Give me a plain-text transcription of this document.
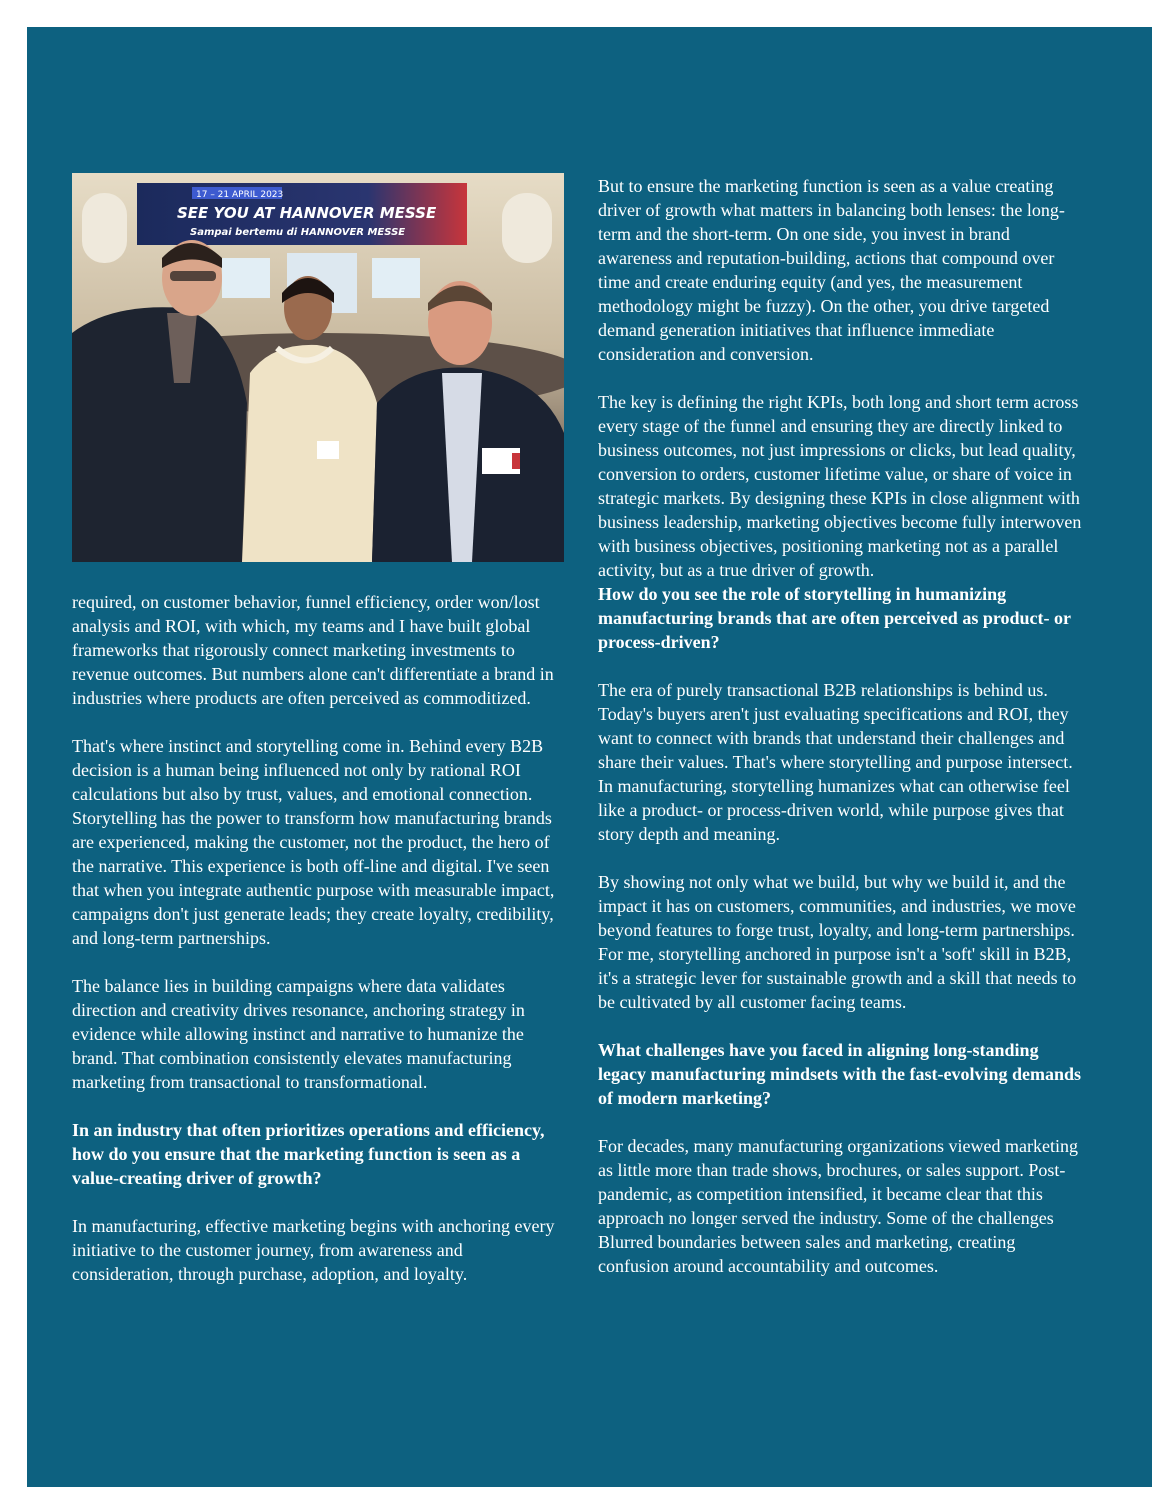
17 – 21 APRIL 2023
SEE YOU AT HANNOVER MESSE
Sampai bertemu di HANNOVER MESSE

required, on customer behavior, funnel efficiency, order won/lost analysis and ROI, with which, my teams and I have built global frameworks that rigorously connect marketing investments to revenue outcomes. But numbers alone can't differentiate a brand in industries where products are often perceived as commoditized.

That's where instinct and storytelling come in. Behind every B2B decision is a human being influenced not only by rational ROI calculations but also by trust, values, and emotional connection. Storytelling has the power to transform how manufacturing brands are experienced, making the customer, not the product, the hero of the narrative. This experience is both off-line and digital. I've seen that when you integrate authentic purpose with measurable impact, campaigns don't just generate leads; they create loyalty, credibility, and long-term partnerships.

The balance lies in building campaigns where data validates direction and creativity drives resonance, anchoring strategy in evidence while allowing instinct and narrative to humanize the brand. That combination consistently elevates manufacturing marketing from transactional to transformational.

In an industry that often prioritizes operations and efficiency, how do you ensure that the marketing function is seen as a value-creating driver of growth?

In manufacturing, effective marketing begins with anchoring every initiative to the customer journey, from awareness and consideration, through purchase, adoption, and loyalty.

But to ensure the marketing function is seen as a value creating driver of growth what matters in balancing both lenses: the long-term and the short-term. On one side, you invest in brand awareness and reputation-building, actions that compound over time and create enduring equity (and yes, the measurement methodology might be fuzzy). On the other, you drive targeted demand generation initiatives that influence immediate consideration and conversion.

The key is defining the right KPIs, both long and short term across every stage of the funnel and ensuring they are directly linked to business outcomes, not just impressions or clicks, but lead quality, conversion to orders, customer lifetime value, or share of voice in strategic markets. By designing these KPIs in close alignment with business leadership, marketing objectives become fully interwoven with business objectives, positioning marketing not as a parallel activity, but as a true driver of growth.

How do you see the role of storytelling in humanizing manufacturing brands that are often perceived as product- or process-driven?

The era of purely transactional B2B relationships is behind us. Today's buyers aren't just evaluating specifications and ROI, they want to connect with brands that understand their challenges and share their values. That's where storytelling and purpose intersect. In manufacturing, storytelling humanizes what can otherwise feel like a product- or process-driven world, while purpose gives that story depth and meaning.

By showing not only what we build, but why we build it, and the impact it has on customers, communities, and industries, we move beyond features to forge trust, loyalty, and long-term partnerships. For me, storytelling anchored in purpose isn't a 'soft' skill in B2B, it's a strategic lever for sustainable growth and a skill that needs to be cultivated by all customer facing teams.

What challenges have you faced in aligning long-standing legacy manufacturing mindsets with the fast-evolving demands of modern marketing?

For decades, many manufacturing organizations viewed marketing as little more than trade shows, brochures, or sales support. Post-pandemic, as competition intensified, it became clear that this approach no longer served the industry. Some of the challenges Blurred boundaries between sales and marketing, creating confusion around accountability and outcomes.
